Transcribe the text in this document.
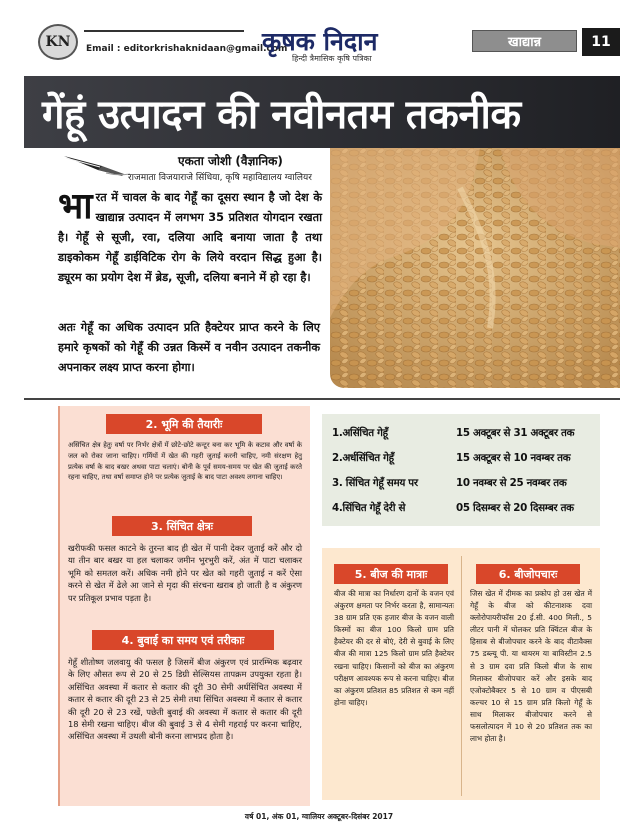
KN	Email : editorkrishaknidaan@gmail.com
कृषक निदान
हिन्दी त्रैमासिक कृषि पत्रिका
खाद्यान्न	11
गेंहूं उत्पादन की नवीनतम तकनीक
एकता जोशी (वैज्ञानिक)
राजमाता विजयाराजे सिंधिया, कृषि महाविद्यालय ग्वालियर
भारत में चावल के बाद गेहूँ का दूसरा स्थान है जो देश के खाद्यान्न उत्पादन में लगभग 35 प्रतिशत योगदान रखता है। गेहूँ से सूजी, रवा, दलिया आदि बनाया जाता है तथा डाइकोकम गेहूँ डाईविटिक रोग के लिये वरदान सिद्ध हुआ है। ड्यूरम का प्रयोग देश में ब्रेड, सूजी, दलिया बनाने में हो रहा है।
अतः गेहूँ का अधिक उत्पादन प्रति हैक्टेयर प्राप्त करने के लिए हमारे कृषकों को गेहूँ की उन्नत किस्में व नवीन उत्पादन तकनीक अपनाकर लक्ष्य प्राप्त करना होगा।
2. भूमि की तैयारीः
असिंचित क्षेत्र हेतुः वर्षा पर निर्भर क्षेत्रों में छोटे-छोटे कन्टूर बना कर भूमि के कटाव और वर्षा के जल को रोका जाना चाहिए। गर्मियों में खेत की गहरी जुताई करनी चाहिए, नमी संरक्षण हेतु प्रत्येक वर्षा के बाद बखर अथवा पाटा चलाएं। बोनी के पूर्व समय-समय पर खेत की जुताई करते रहना चाहिए, तथा वर्षा समाप्त होने पर प्रत्येक जुताई के बाद पाटा अवश्य लगाना चाहिए।
3. सिंचित क्षेत्रः
खरीफकी फसल काटने के तुरन्त बाद ही खेत में पानी देकर जुताई करें और दो या तीन बार बखर या हल चलाकर जमीन भुरभुरी करें, अंत में पाटा चलाकर भूमि को समतल करें। अधिक नमी होने पर खेत को गहरी जुताई न करें ऐसा करने से खेत में ढेले आ जाने से मृदा की संरचना खराब हो जाती है व अंकुरण पर प्रतिकूल प्रभाव पड़ता है।
4. बुवाई का समय एवं तरीकाः
गेहूँ शीतोष्ण जलवायु की फसल है जिसमें बीज अंकुरण एवं प्रारम्भिक बढ़वार के लिए औसत रूप से 20 से 25 डिग्री सेल्सियस तापक्रम उपयुक्त रहता है। असिंचित अवस्था में कतार से कतार की दूरी 30 सेमी अर्धसिंचित अवस्था में कतार से कतार की दूरी 23 से 25 सेमी तथा सिंचित अवस्था में कतार से कतार की दूरी 20 से 23 रखें, पछेती बुवाई की अवस्था में कतार से कतार की दूरी 18 सेमी रखना चाहिए। बीज की बुवाई 3 से 4 सेमी गहराई पर करना चाहिए, असिंचित अवस्था में उथली बोनी करना लाभप्रद होता है।
1.असिंचित गेहूँ	15 अक्टूबर से 31 अक्टूबर तक
2.अर्धसिंचित गेहूँ	15 अक्टूबर से 10 नवम्बर तक
3. सिंचित गेहूँ समय पर	10 नवम्बर से 25 नवम्बर तक
4.सिंचित गेहूँ देरी से	05 दिसम्बर से 20 दिसम्बर तक
5. बीज की मात्राः
बीज की मात्रा का निर्धारण दानों के वजन एवं अंकुरण क्षमता पर निर्भर करता है, सामान्यतः 38 ग्राम प्रति एक हजार बीज के वजन वाली किस्मों का बीज 100 किलो ग्राम प्रति हैक्टेयर की दर से बोएं, देरी से बुवाई के लिए बीज की मात्रा 125 किलो ग्राम प्रति हैक्टेयर रखना चाहिए। किसानों को बीज का अंकुरण परीक्षण आवश्यक रूप से करना चाहिए। बीज का अंकुरण प्रतिशत 85 प्रतिशत से कम नहीं होना चाहिए।
6. बीजोपचारः
जिस खेत में दीमक का प्रकोप हो उस खेत में गेहूँ के बीज को कीटनाशक दवा क्लोरोपायरीफॉस 20 ई.सी. 400 मिली., 5 लीटर पानी में घोलकर प्रति क्विंटल बीज के हिसाब से बीजोपचार करने के बाद वीटावैक्स 75 डब्ल्यू पी. या थायरम या बाविस्टीन 2.5 से 3 ग्राम दवा प्रति किलो बीज के साथ मिलाकर बीजोपचार करें और इसके बाद एजोक्टोबैक्टर 5 से 10 ग्राम व पीएसबी कल्चर 10 से 15 ग्राम प्रति किलो गेहूँ के साथ मिलाकर बीजोपचार करने से फसलोत्पादन में 10 से 20 प्रतिशत तक का लाभ होता है।
वर्ष 01, अंक 01, ग्वालियर अक्टूबर-दिसंबर 2017
